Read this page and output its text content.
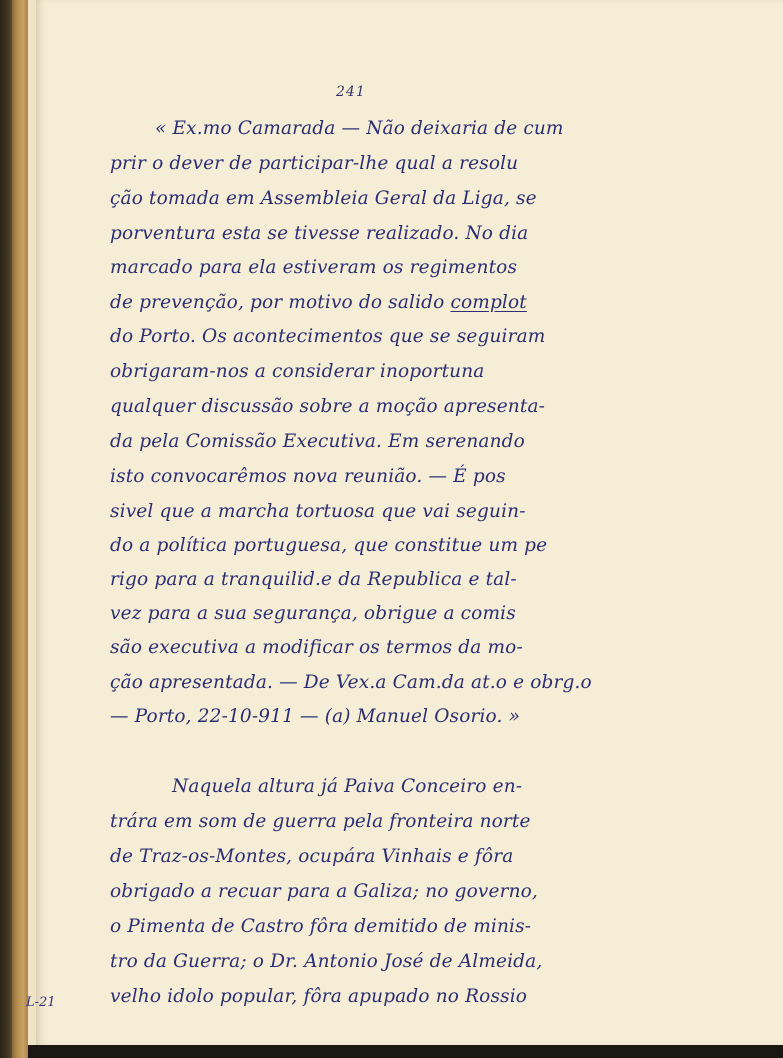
241
« Ex.mo Camarada — Não deixaria de cum
prir o dever de participar-lhe qual a resolu
ção tomada em Assembleia Geral da Liga, se
porventura esta se tivesse realizado. No dia
marcado para ela estiveram os regimentos
de prevenção, por motivo do salido complot
do Porto. Os acontecimentos que se seguiram
obrigaram-nos a considerar inoportuna
qualquer discussão sobre a moção apresenta-
da pela Comissão Executiva. Em serenando
isto convocarêmos nova reunião. — É pos
sivel que a marcha tortuosa que vai seguin-
do a política portuguesa, que constitue um pe
rigo para a tranquilid.e da Republica e tal-
vez para a sua segurança, obrigue a comis
são executiva a modificar os termos da mo-
ção apresentada. — De Vex.a Cam.da at.o e obrg.o
— Porto, 22-10-911 — (a) Manuel Osorio. »
Naquela altura já Paiva Conceiro en-
trára em som de guerra pela fronteira norte
de Traz-os-Montes, ocupára Vinhais e fôra
obrigado a recuar para a Galiza; no governo,
o Pimenta de Castro fôra demitido de minis-
tro da Guerra; o Dr. Antonio José de Almeida,
velho idolo popular, fôra apupado no Rossio
L-21
